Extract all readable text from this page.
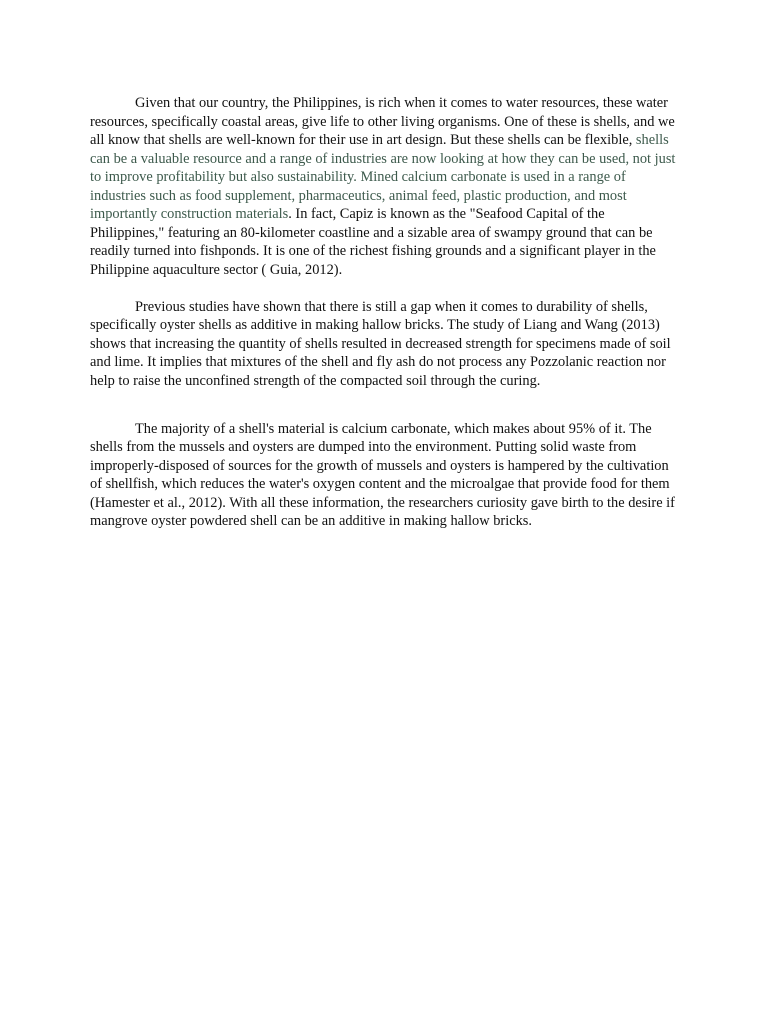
Given that our country, the Philippines, is rich when it comes to water resources, these water resources, specifically coastal areas, give life to other living organisms. One of these is shells, and we all know that shells are well-known for their use in art design. But these shells can be flexible, shells can be a valuable resource and a range of industries are now looking at how they can be used, not just to improve profitability but also sustainability. Mined calcium carbonate is used in a range of industries such as food supplement, pharmaceutics, animal feed, plastic production, and most importantly construction materials. In fact, Capiz is known as the "Seafood Capital of the Philippines," featuring an 80-kilometer coastline and a sizable area of swampy ground that can be readily turned into fishponds. It is one of the richest fishing grounds and a significant player in the Philippine aquaculture sector ( Guia, 2012).

Previous studies have shown that there is still a gap when it comes to durability of shells, specifically oyster shells as additive in making hallow bricks. The study of Liang and Wang (2013) shows that increasing the quantity of shells resulted in decreased strength for specimens made of soil and lime. It implies that mixtures of the shell and fly ash do not process any Pozzolanic reaction nor help to raise the unconfined strength of the compacted soil through the curing.

The majority of a shell's material is calcium carbonate, which makes about 95% of it. The shells from the mussels and oysters are dumped into the environment. Putting solid waste from improperly-disposed of sources for the growth of mussels and oysters is hampered by the cultivation of shellfish, which reduces the water's oxygen content and the microalgae that provide food for them (Hamester et al., 2012). With all these information, the researchers curiosity gave birth to the desire if mangrove oyster powdered shell can be an additive in making hallow bricks.
